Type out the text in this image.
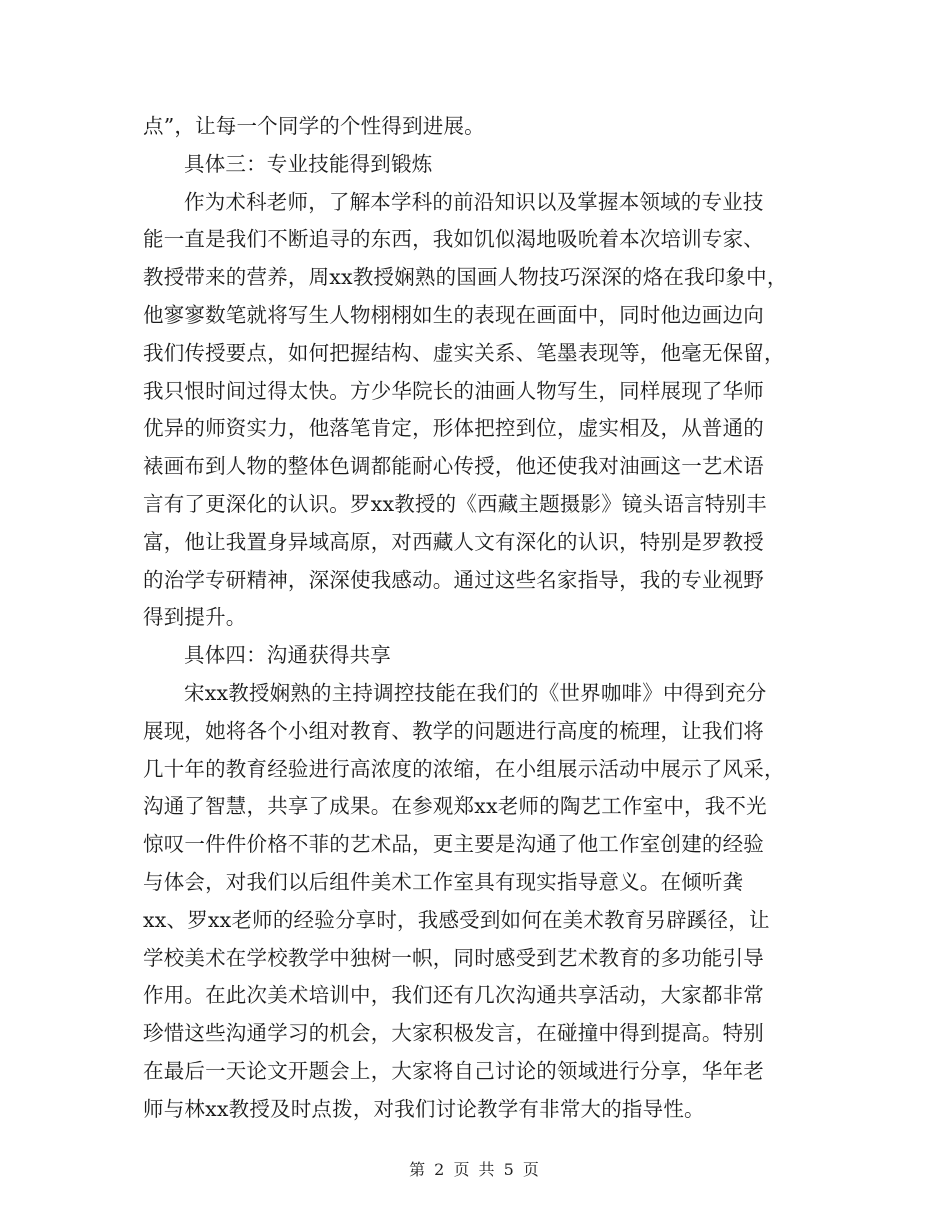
点”，让每一个同学的个性得到进展。
具体三：专业技能得到锻炼
作为术科老师，了解本学科的前沿知识以及掌握本领域的专业技
能一直是我们不断追寻的东西，我如饥似渴地吸吮着本次培训专家、
教授带来的营养，周xx教授娴熟的国画人物技巧深深的烙在我印象中，
他寥寥数笔就将写生人物栩栩如生的表现在画面中，同时他边画边向
我们传授要点，如何把握结构、虚实关系、笔墨表现等，他毫无保留，
我只恨时间过得太快。方少华院长的油画人物写生，同样展现了华师
优异的师资实力，他落笔肯定，形体把控到位，虚实相及，从普通的
裱画布到人物的整体色调都能耐心传授，他还使我对油画这一艺术语
言有了更深化的认识。罗xx教授的《西藏主题摄影》镜头语言特别丰
富，他让我置身异域高原，对西藏人文有深化的认识，特别是罗教授
的治学专研精神，深深使我感动。通过这些名家指导，我的专业视野
得到提升。
具体四：沟通获得共享
宋xx教授娴熟的主持调控技能在我们的《世界咖啡》中得到充分
展现，她将各个小组对教育、教学的问题进行高度的梳理，让我们将
几十年的教育经验进行高浓度的浓缩，在小组展示活动中展示了风采，
沟通了智慧，共享了成果。在参观郑xx老师的陶艺工作室中，我不光
惊叹一件件价格不菲的艺术品，更主要是沟通了他工作室创建的经验
与体会，对我们以后组件美术工作室具有现实指导意义。在倾听龚
xx、罗xx老师的经验分享时，我感受到如何在美术教育另辟蹊径，让
学校美术在学校教学中独树一帜，同时感受到艺术教育的多功能引导
作用。在此次美术培训中，我们还有几次沟通共享活动，大家都非常
珍惜这些沟通学习的机会，大家积极发言，在碰撞中得到提高。特别
在最后一天论文开题会上，大家将自己讨论的领域进行分享，华年老
师与林xx教授及时点拨，对我们讨论教学有非常大的指导性。
第 2 页 共 5 页
